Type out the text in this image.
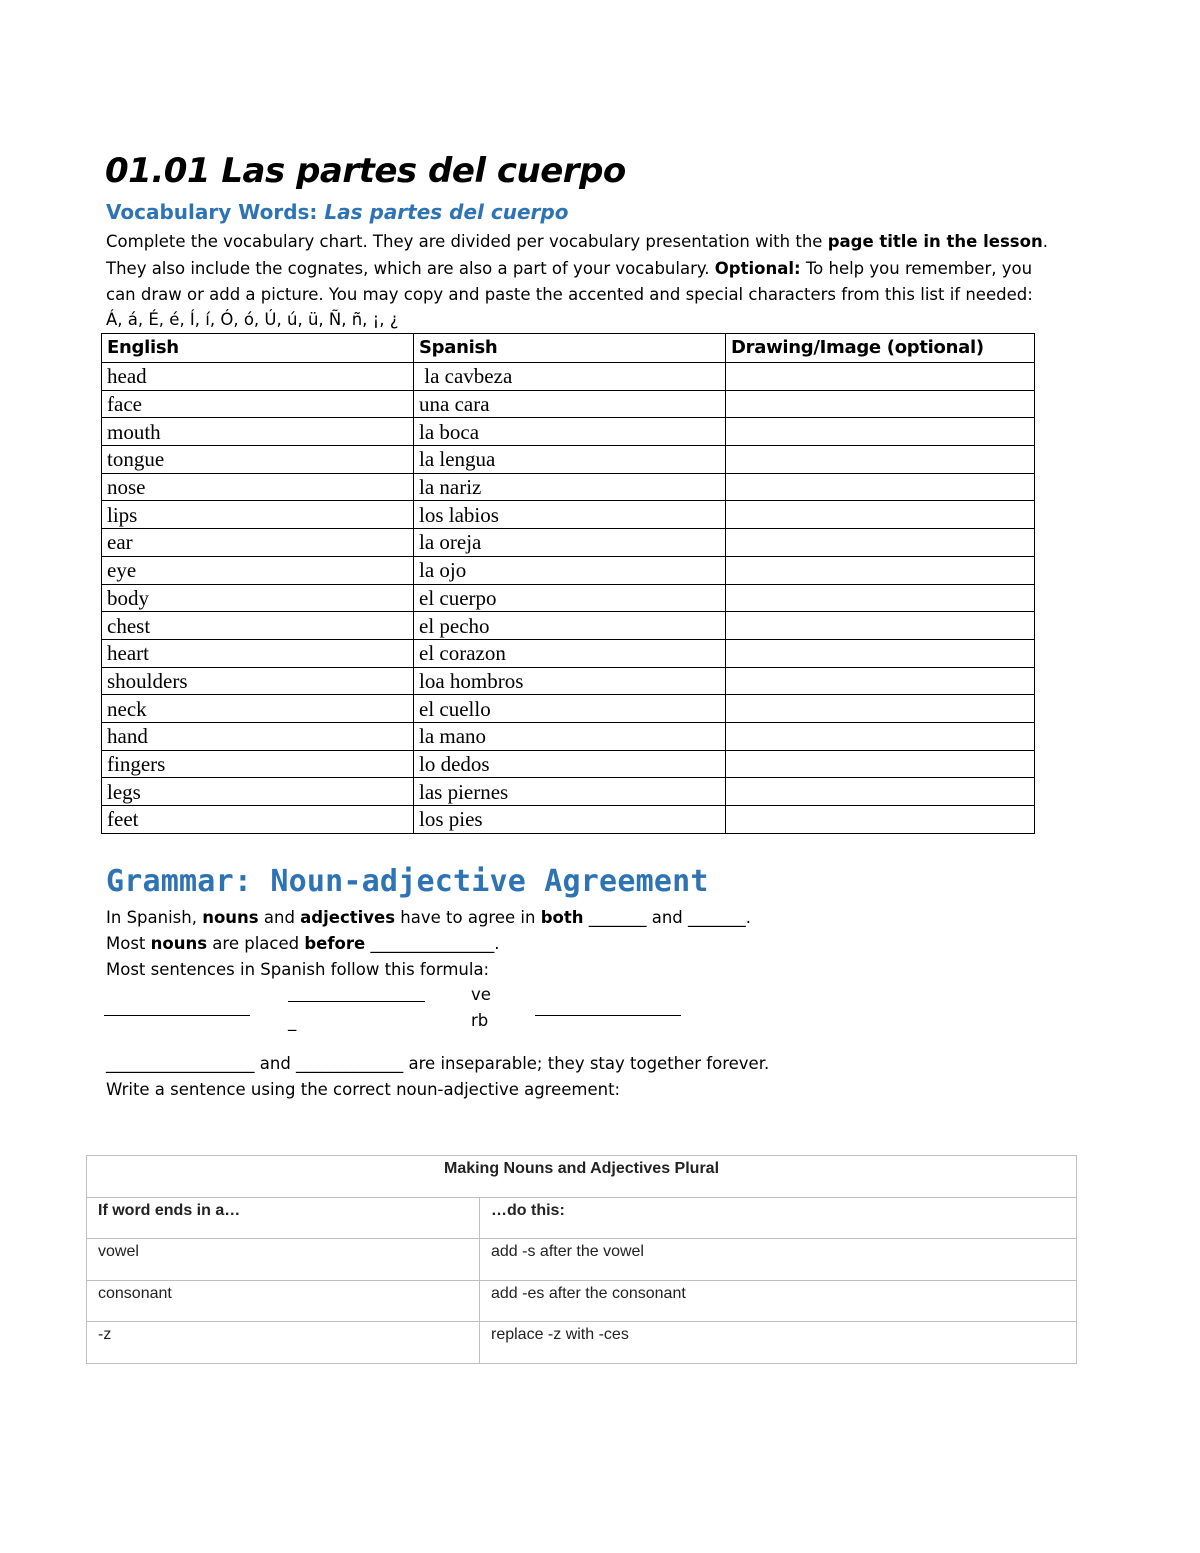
01.01 Las partes del cuerpo
Vocabulary Words: Las partes del cuerpo

Complete the vocabulary chart. They are divided per vocabulary presentation with the page title in the lesson.

They also include the cognates, which are also a part of your vocabulary. Optional: To help you remember, you

can draw or add a picture. You may copy and paste the accented and special characters from this list if needed:

Á, á, É, é, Í, í, Ó, ó, Ú, ú, ü, Ñ, ñ, ¡, ¿

English	Spanish	Drawing/Image (optional)
head	la cavbeza	
face	una cara	
mouth	la boca	
tongue	la lengua	
nose	la nariz	
lips	los labios	
ear	la oreja	
eye	la ojo	
body	el cuerpo	
chest	el pecho	
heart	el corazon	
shoulders	loa hombros	
neck	el cuello	
hand	la mano	
fingers	lo dedos	
legs	las piernes	
feet	los pies	
Grammar: Noun-adjective Agreement

In Spanish, nouns and adjectives have to agree in both _______ and _______.

Most nouns are placed before _______________.

Most sentences in Spanish follow this formula:

_
ve
rb

__________________ and _____________ are inseparable; they stay together forever.

Write a sentence using the correct noun-adjective agreement:

Making Nouns and Adjectives Plural	
If word ends in a…	…do this:
vowel	add -s after the vowel
consonant	add -es after the consonant
-z	replace -z with -ces
